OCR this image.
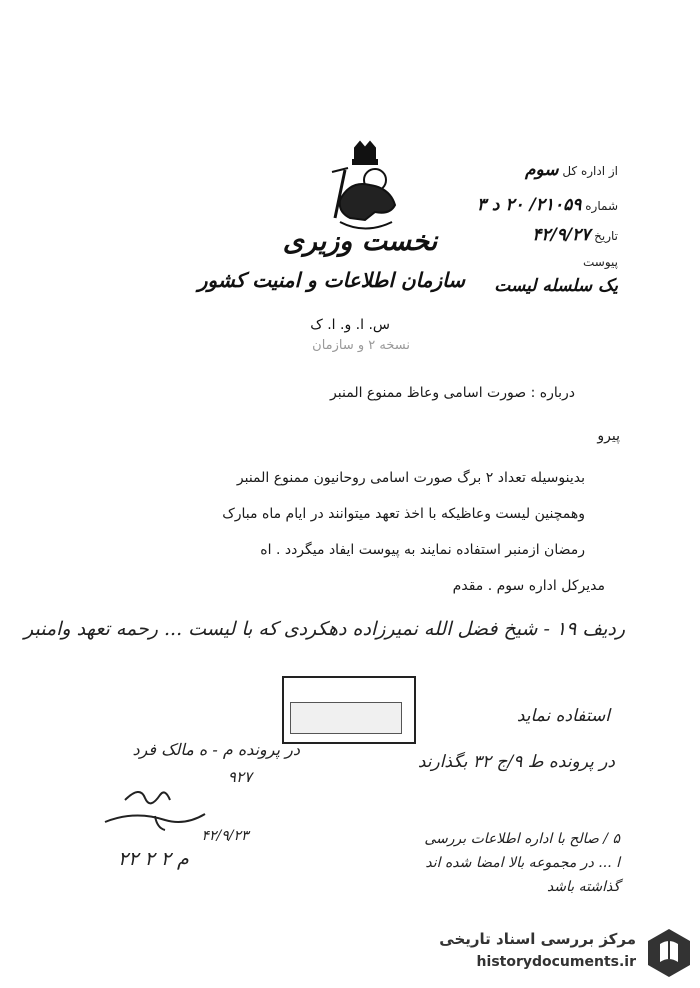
نخست وزیری
سازمان اطلاعات و امنیت کشور
س. ا. و. ا. ک
نسخه ۲ و سازمان
از اداره کل سوم
شماره ۲۱۰۵۹/ ۲۰ د ۳
تاریخ ۴۲/۹/۲۷
پیوست
یک سلسله لیست
درباره : صورت اسامی وعاظ ممنوع المنبر
پیرو
بدینوسیله تعداد ۲ برگ صورت اسامی روحانیون ممنوع المنبر
وهمچنین لیست وعاظیکه با اخذ تعهد میتوانند در ایام ماه مبارک
رمضان ازمنبر استفاده نمایند به پیوست ایفاد میگردد . اه
مدیرکل اداره سوم . مقدم
ردیف ۱۹ - شیخ فضل الله نمیرزاده دهکردی که با لیست ... رحمه تعهد وامنبر
استفاده نماید
در پرونده م - ه مالک فرد
۹۲۷
در پرونده ط ۹/ج ۳۲ بگذارند
۴۲/۹/۲۳
۲۲ ۲ ۲ م
۵ / صالح با اداره اطلاعات بررسی
ا ... در مجموعه بالا امضا شده اند
گذاشته باشد
مرکز بررسی اسناد تاریخی
historydocuments.ir
